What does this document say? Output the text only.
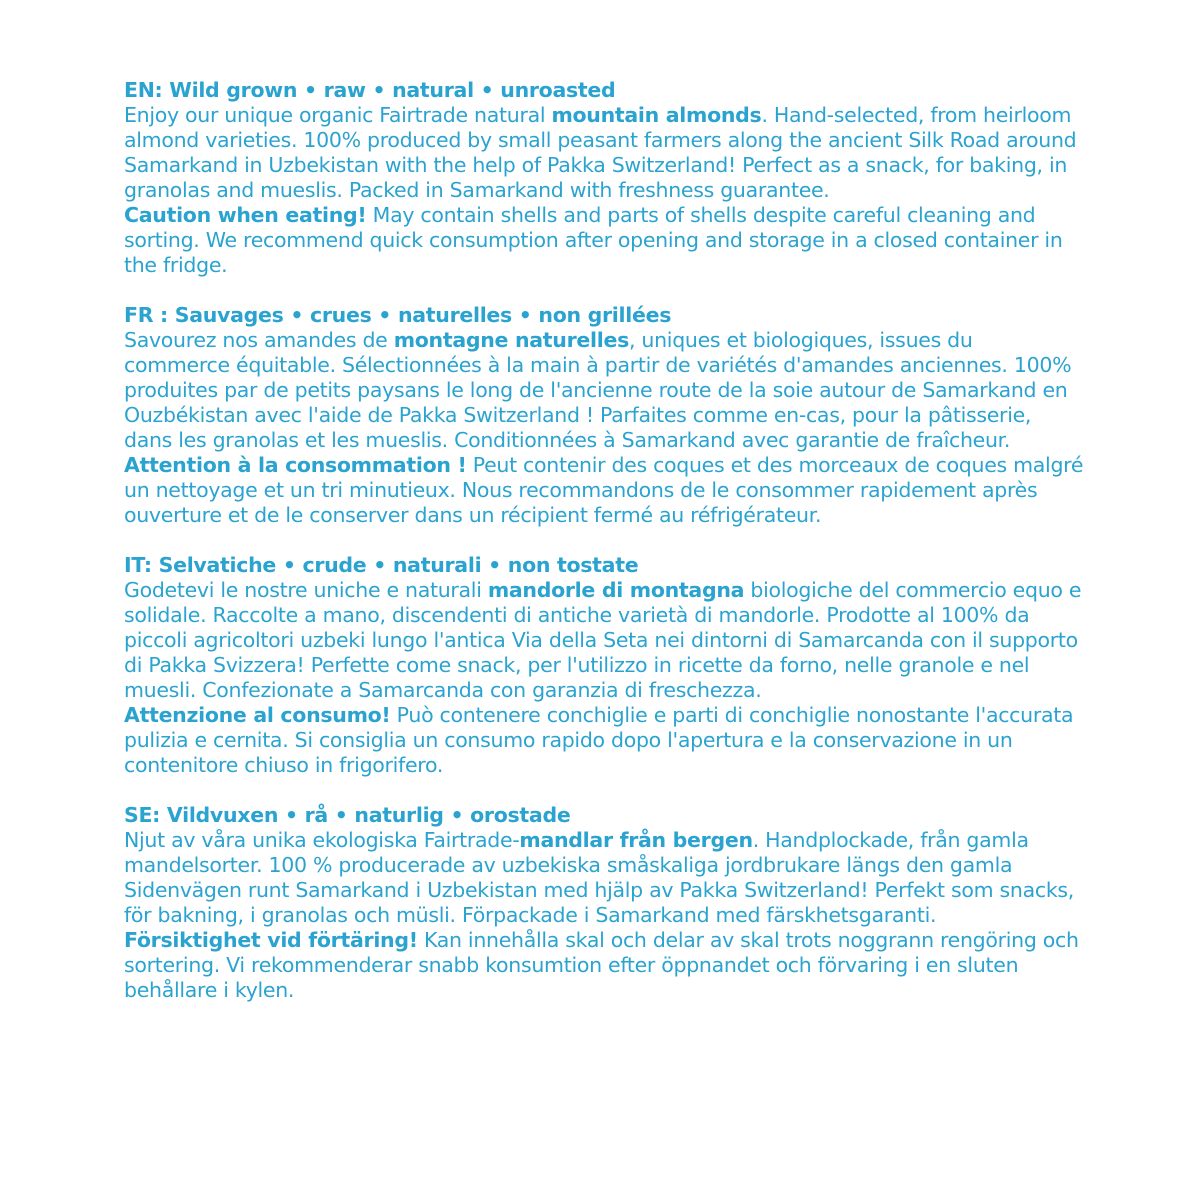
EN: Wild grown • raw • natural • unroasted

Enjoy our unique organic Fairtrade natural mountain almonds. Hand-selected, from heirloom almond varieties. 100% produced by small peasant farmers along the ancient Silk Road around Samarkand in Uzbekistan with the help of Pakka Switzerland! Perfect as a snack, for baking, in granolas and mueslis. Packed in Samarkand with freshness guarantee.

Caution when eating! May contain shells and parts of shells despite careful cleaning and sorting. We recommend quick consumption after opening and storage in a closed container in the fridge.

FR : Sauvages • crues • naturelles • non grillées

Savourez nos amandes de montagne naturelles, uniques et biologiques, issues du commerce équitable. Sélectionnées à la main à partir de variétés d'amandes anciennes. 100% produites par de petits paysans le long de l'ancienne route de la soie autour de Samarkand en Ouzbékistan avec l'aide de Pakka Switzerland ! Parfaites comme en-cas, pour la pâtisserie, dans les granolas et les mueslis. Conditionnées à Samarkand avec garantie de fraîcheur.

Attention à la consommation ! Peut contenir des coques et des morceaux de coques malgré un nettoyage et un tri minutieux. Nous recommandons de le consommer rapidement après ouverture et de le conserver dans un récipient fermé au réfrigérateur.

IT: Selvatiche • crude • naturali • non tostate

Godetevi le nostre uniche e naturali mandorle di montagna biologiche del commercio equo e solidale. Raccolte a mano, discendenti di antiche varietà di mandorle. Prodotte al 100% da piccoli agricoltori uzbeki lungo l'antica Via della Seta nei dintorni di Samarcanda con il supporto di Pakka Svizzera! Perfette come snack, per l'utilizzo in ricette da forno, nelle granole e nel muesli. Confezionate a Samarcanda con garanzia di freschezza.

Attenzione al consumo! Può contenere conchiglie e parti di conchiglie nonostante l'accurata pulizia e cernita. Si consiglia un consumo rapido dopo l'apertura e la conservazione in un contenitore chiuso in frigorifero.

SE: Vildvuxen • rå • naturlig • orostade

Njut av våra unika ekologiska Fairtrade-mandlar från bergen. Handplockade, från gamla mandelsorter. 100 % producerade av uzbekiska småskaliga jordbrukare längs den gamla Sidenvägen runt Samarkand i Uzbekistan med hjälp av Pakka Switzerland! Perfekt som snacks, för bakning, i granolas och müsli. Förpackade i Samarkand med färskhetsgaranti.

Försiktighet vid förtäring! Kan innehålla skal och delar av skal trots noggrann rengöring och sortering. Vi rekommenderar snabb konsumtion efter öppnandet och förvaring i en sluten behållare i kylen.
